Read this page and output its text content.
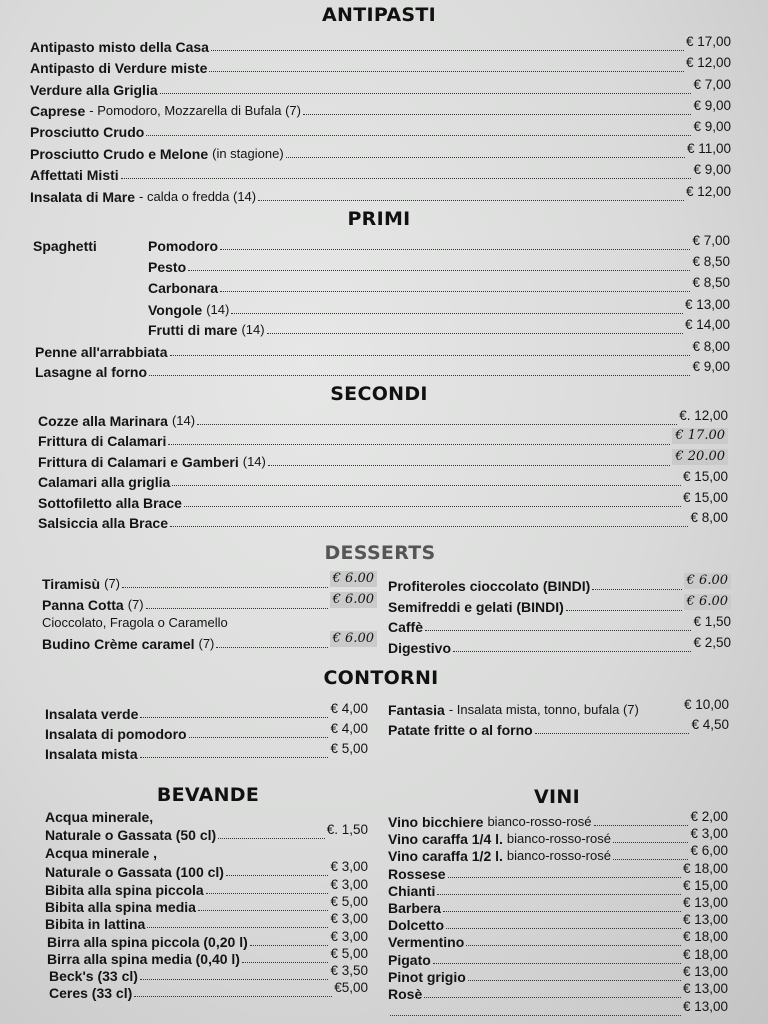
ANTIPASTI
PRIMI
Spaghetti
SECONDI
DESSERTS
Cioccolato, Fragola o Caramello
CONTORNI
BEVANDE	VINI
Antipasto misto della Casa	€ 17,00
Antipasto di Verdure miste	€ 12,00
Verdure alla Griglia	€ 7,00
Caprese - Pomodoro, Mozzarella di Bufala (7)	€ 9,00
Prosciutto Crudo	€ 9,00
Prosciutto Crudo e Melone (in stagione)	€ 11,00
Affettati Misti	€ 9,00
Insalata di Mare - calda o fredda (14)	€ 12,00
Pomodoro	€ 7,00
Pesto	€ 8,50
Carbonara	€ 8,50
Vongole (14)	€ 13,00
Frutti di mare (14)	€ 14,00
Penne all'arrabbiata	€ 8,00
Lasagne al forno	€ 9,00
Cozze alla Marinara (14)	€. 12,00
Frittura di Calamari	€ 17.00
Frittura di Calamari e Gamberi (14)	€ 20.00
Calamari alla griglia	€ 15,00
Sottofiletto alla Brace	€ 15,00
Salsiccia alla Brace	€ 8,00
Tiramisù (7)	€ 6.00
Panna Cotta (7)	€ 6.00
Budino Crème caramel (7)	€ 6.00
Profiteroles cioccolato (BINDI)	€ 6.00
Semifreddi e gelati (BINDI)	€ 6.00
Caffè	€ 1,50
Digestivo	€ 2,50
Insalata verde	€ 4,00
Insalata di pomodoro	€ 4,00
Insalata mista	€ 5,00
Fantasia - Insalata mista, tonno, bufala (7)	€ 10,00
Patate fritte o al forno	€ 4,50
Acqua minerale,
Naturale o Gassata (50 cl)	€. 1,50
Acqua minerale ,
Naturale o Gassata (100 cl)	€ 3,00
Bibita alla spina piccola	€ 3,00
Bibita alla spina media	€ 5,00
Bibita in lattina	€ 3,00
Birra alla spina piccola (0,20 l)	€ 3,00
Birra alla spina media (0,40 l)	€ 5,00
Beck's (33 cl)	€ 3,50
Ceres (33 cl)	€5,00
Vino bicchiere bianco-rosso-rosé	€ 2,00
Vino caraffa 1/4 l. bianco-rosso-rosé	€ 3,00
Vino caraffa 1/2 l. bianco-rosso-rosé	€ 6,00
Rossese	€ 18,00
Chianti	€ 15,00
Barbera	€ 13,00
Dolcetto	€ 13,00
Vermentino	€ 18,00
Pigato	€ 18,00
Pinot grigio	€ 13,00
Rosè	€ 13,00
€ 13,00
